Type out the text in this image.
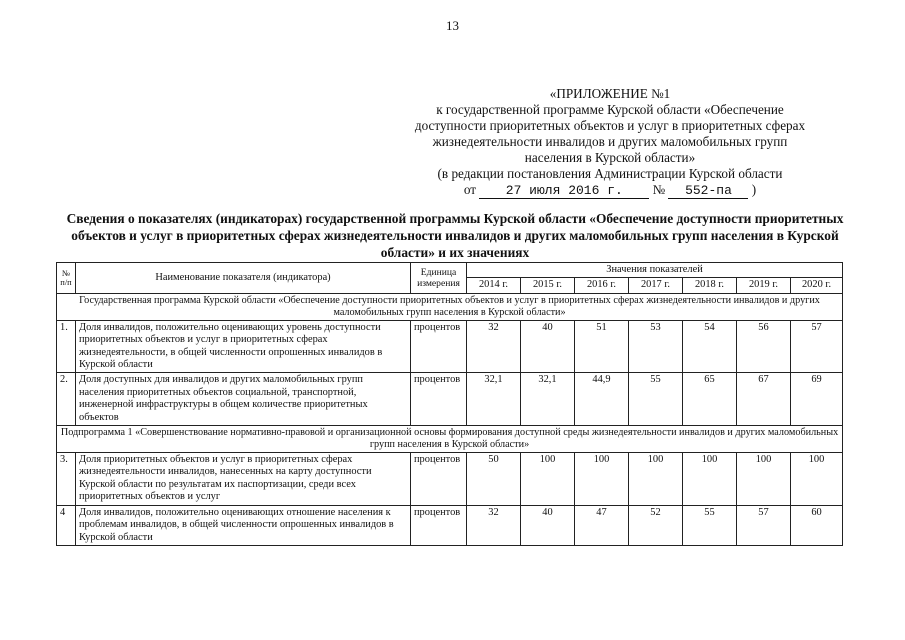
13
«ПРИЛОЖЕНИЕ №1
к государственной программе Курской области «Обеспечение
доступности приоритетных объектов и услуг в приоритетных сферах
жизнедеятельности инвалидов и других маломобильных групп
населения в Курской области»
(в редакции постановления Администрации Курской области
от 27 июля 2016 г. № 552-па )
Сведения о показателях (индикаторах) государственной программы Курской области «Обеспечение доступности приоритетных объектов и услуг в приоритетных сферах жизнедеятельности инвалидов и других маломобильных групп населения в Курской области» и их значениях
№ п/п	Наименование показателя (индикатора)	Единица измерения	Значения показателей						
			2014 г.	2015 г.	2016 г.	2017 г.	2018 г.	2019 г.	2020 г.
Государственная программа Курской области «Обеспечение доступности приоритетных объектов и услуг в приоритетных сферах жизнедеятельности инвалидов и других маломобильных групп населения в Курской области»									
1.	Доля инвалидов, положительно оценивающих уровень доступности приоритетных объектов и услуг в приоритетных сферах жизнедеятельности, в общей численности опрошенных инвалидов в Курской области	процентов	32	40	51	53	54	56	57
2.	Доля доступных для инвалидов и других маломобильных групп населения приоритетных объектов социальной, транспортной, инженерной инфраструктуры в общем количестве приоритетных объектов	процентов	32,1	32,1	44,9	55	65	67	69
Подпрограмма 1 «Совершенствование нормативно-правовой и организационной основы формирования доступной среды жизнедеятельности инвалидов и других маломобильных групп населения в Курской области»									
3.	Доля приоритетных объектов и услуг в приоритетных сферах жизнедеятельности инвалидов, нанесенных на карту доступности Курской области по результатам их паспортизации, среди всех приоритетных объектов и услуг	процентов	50	100	100	100	100	100	100
4	Доля инвалидов, положительно оценивающих отношение населения к проблемам инвалидов, в общей численности опрошенных инвалидов в Курской области	процентов	32	40	47	52	55	57	60
